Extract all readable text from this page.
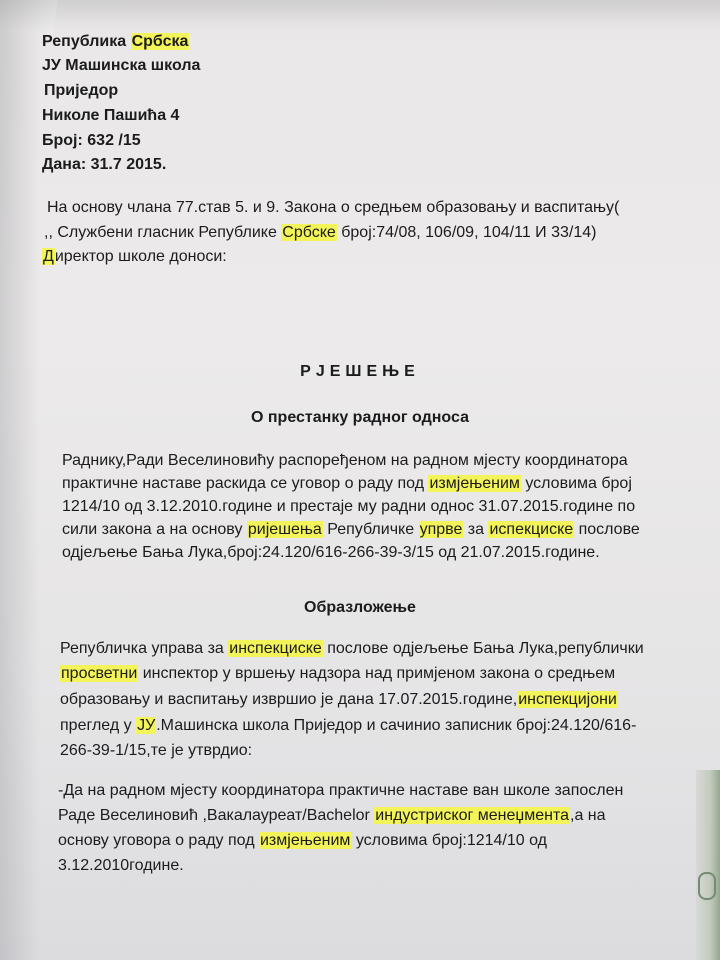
Република Србска
ЈУ Машинска школа
Приједор
Николе Пашића 4
Број: 632 /15
Дана: 31.7 2015.
На основу члана 77.став 5. и 9. Закона о средњем образовању и васпитању(
,, Службени гласник Републике Србске број:74/08, 106/09, 104/11 И 33/14)
Директор школе доноси:
РЈЕШЕЊЕ
О престанку радног односа
Раднику,Ради Веселиновићу распоређеном на радном мјесту координатора
практичне наставе раскида се уговор о раду под измјењеним условима број
1214/10 од 3.12.2010.године и престаје му радни однос 31.07.2015.године по
сили закона а на основу ријешења Републичке упрве за испекциске послове
одјељење Бања Лука,број:24.120/616-266-39-3/15 од 21.07.2015.године.
Образложење
Републичка управа за инспекциске послове одјељење Бања Лука,републички
просветни инспектор у вршењу надзора над примјеном закона о средњем
образовању и васпитању извршио је дана 17.07.2015.године,инспекцијони
преглед у ЈУ.Машинска школа Приједор и сачинио записник број:24.120/616-
266-39-1/15,те је утврдио:
-Да на радном мјесту координатора практичне наставе ван школе запослен
Раде Веселиновић ,Вакалауреат/Bachelor индустриског менеџмента,а на
основу уговора о раду под измјењеним условима број:1214/10 од
3.12.2010године.
